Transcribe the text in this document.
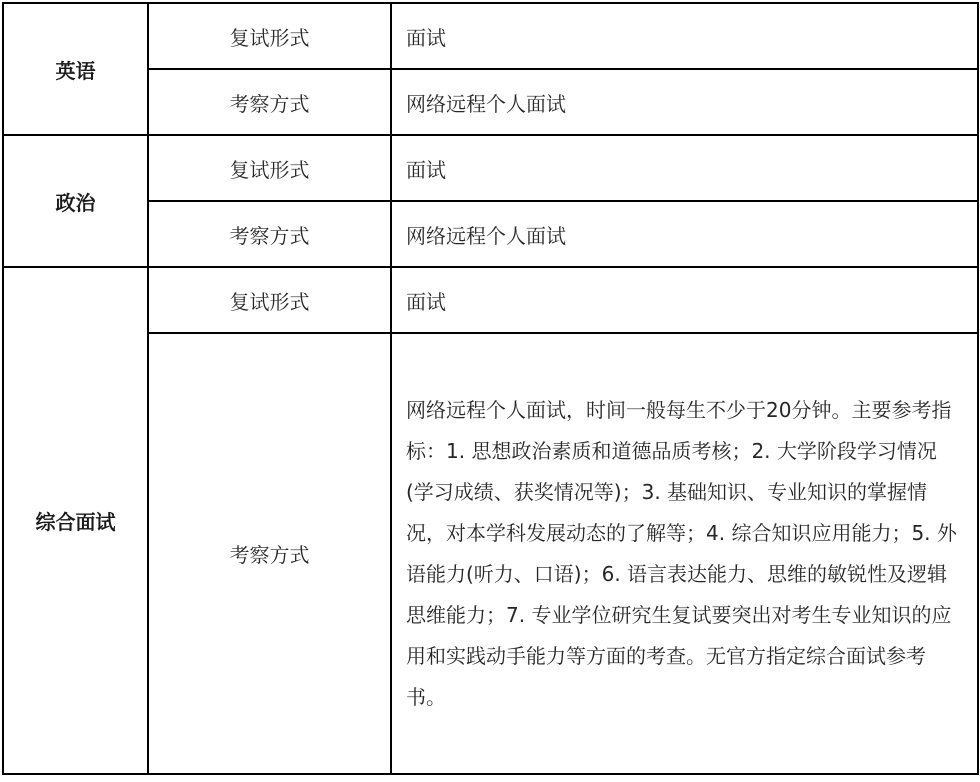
英语	复试形式	面试
	考察方式	网络远程个人面试
政治	复试形式	面试
	考察方式	网络远程个人面试
综合面试	复试形式	面试
	考察方式	网络远程个人面试，时间一般每生不少于20分钟。主要参考指标：1. 思想政治素质和道德品质考核；2. 大学阶段学习情况(学习成绩、获奖情况等)；3. 基础知识、专业知识的掌握情况，对本学科发展动态的了解等；4. 综合知识应用能力；5. 外语能力(听力、口语)；6. 语言表达能力、思维的敏锐性及逻辑思维能力；7. 专业学位研究生复试要突出对考生专业知识的应用和实践动手能力等方面的考查。无官方指定综合面试参考书。
